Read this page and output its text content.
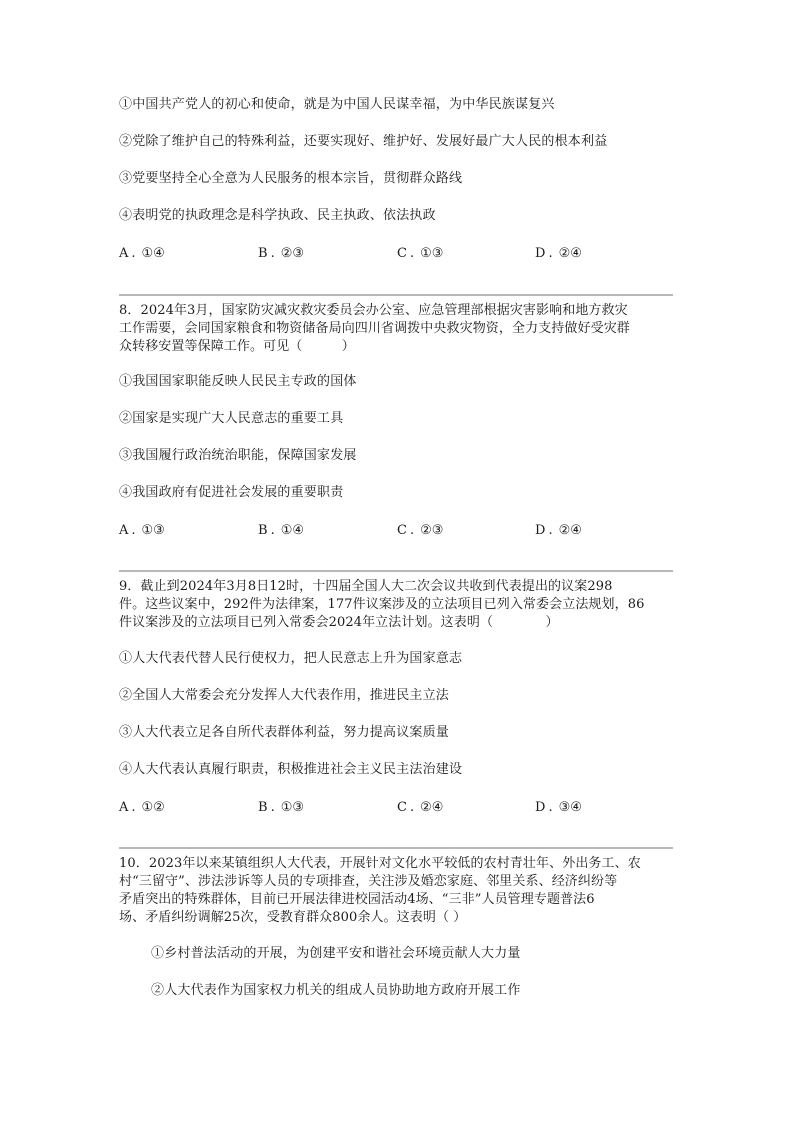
①中国共产党人的初心和使命，就是为中国人民谋幸福，为中华民族谋复兴
②党除了维护自己的特殊利益，还要实现好、维护好、发展好最广大人民的根本利益
③党要坚持全心全意为人民服务的根本宗旨，贯彻群众路线
④表明党的执政理念是科学执政、民主执政、依法执政
A . ①④	B . ②③	C . ①③	D . ②④
8．2024年3月，国家防灾减灾救灾委员会办公室、应急管理部根据灾害影响和地方救灾
工作需要，会同国家粮食和物资储备局向四川省调拨中央救灾物资，全力支持做好受灾群
众转移安置等保障工作。可见（　　　）
①我国国家职能反映人民民主专政的国体
②国家是实现广大人民意志的重要工具
③我国履行政治统治职能，保障国家发展
④我国政府有促进社会发展的重要职责
A . ①③	B . ①④	C . ②③	D . ②④
9．截止到2024年3月8日12时，十四届全国人大二次会议共收到代表提出的议案298
件。这些议案中，292件为法律案，177件议案涉及的立法项目已列入常委会立法规划，86
件议案涉及的立法项目已列入常委会2024年立法计划。这表明（　　　　）
①人大代表代替人民行使权力，把人民意志上升为国家意志
②全国人大常委会充分发挥人大代表作用，推进民主立法
③人大代表立足各自所代表群体利益，努力提高议案质量
④人大代表认真履行职责，积极推进社会主义民主法治建设
A . ①②	B . ①③	C . ②④	D . ③④
10．2023年以来某镇组织人大代表，开展针对文化水平较低的农村青壮年、外出务工、农
村“三留守”、涉法涉诉等人员的专项排查，关注涉及婚恋家庭、邻里关系、经济纠纷等
矛盾突出的特殊群体，目前已开展法律进校园活动4场、“三非”人员管理专题普法6
场、矛盾纠纷调解25次，受教育群众800余人。这表明（ ）
①乡村普法活动的开展，为创建平安和谐社会环境贡献人大力量
②人大代表作为国家权力机关的组成人员协助地方政府开展工作
